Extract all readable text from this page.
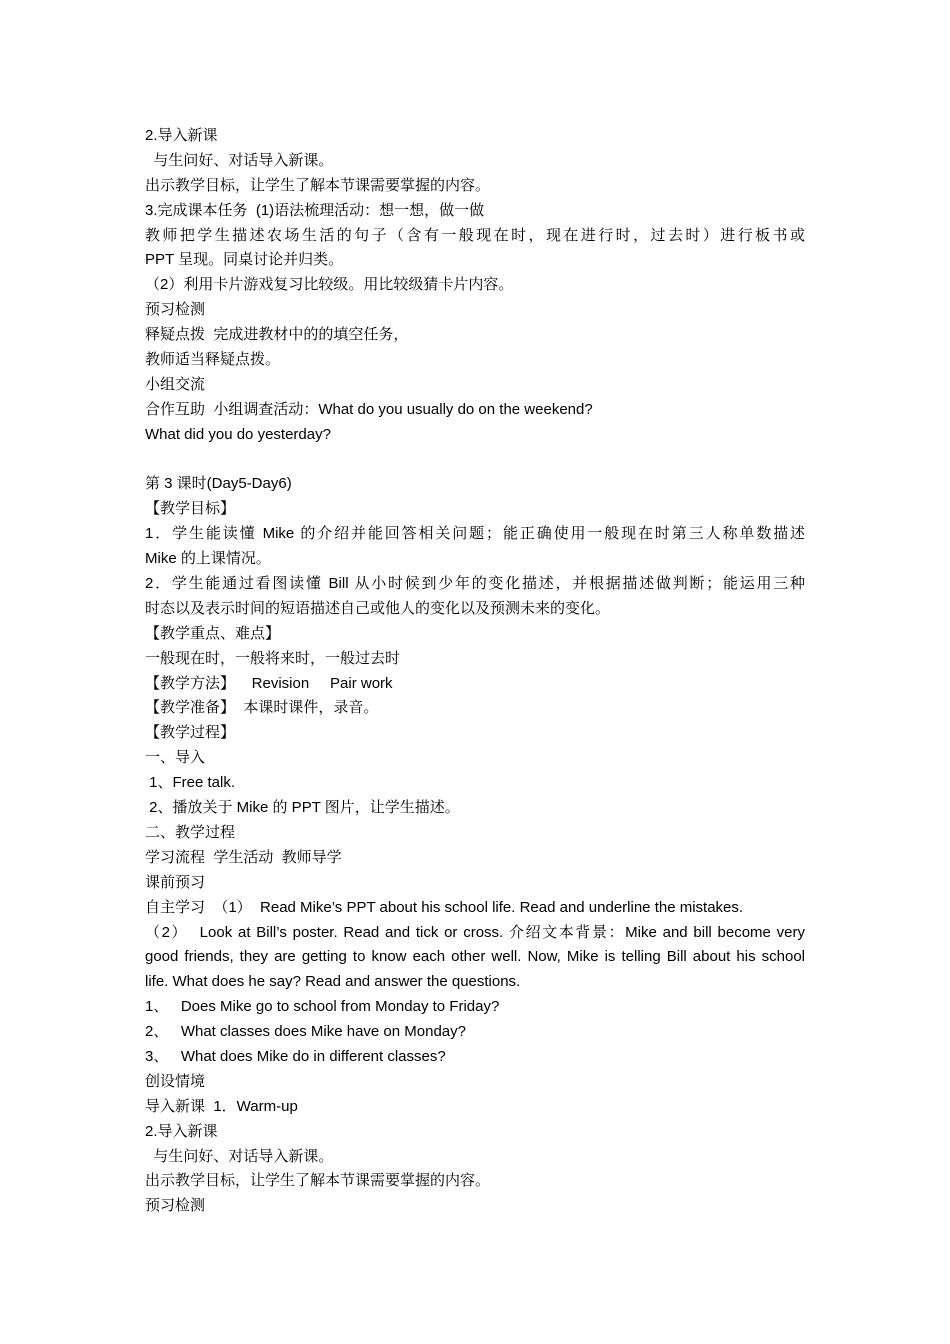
2.导入新课
与生问好、对话导入新课。
出示教学目标，让学生了解本节课需要掌握的内容。
3.完成课本任务  (1)语法梳理活动：想一想，做一做
教师把学生描述农场生活的句子（含有一般现在时，现在进行时，过去时）进行板书或
PPT 呈现。同桌讨论并归类。
（2）利用卡片游戏复习比较级。用比较级猜卡片内容。
预习检测
释疑点拨  完成进教材中的的填空任务，
教师适当释疑点拨。
小组交流
合作互助  小组调查活动：What do you usually do on the weekend?
What did you do yesterday?
第 3 课时(Day5-Day6)
【教学目标】
1．学生能读懂 Mike 的介绍并能回答相关问题；能正确使用一般现在时第三人称单数描述
Mike 的上课情况。
2．学生能通过看图读懂 Bill 从小时候到少年的变化描述，并根据描述做判断；能运用三种
时态以及表示时间的短语描述自己或他人的变化以及预测未来的变化。
【教学重点、难点】
一般现在时，一般将来时，一般过去时
【教学方法】    Revision     Pair work
【教学准备】  本课时课件，录音。
【教学过程】
一、导入
1、Free talk.
2、播放关于 Mike 的 PPT 图片，让学生描述。
二、教学过程
学习流程  学生活动  教师导学
课前预习
自主学习  （1）  Read Mike’s PPT about his school life. Read and underline the mistakes.
（2）  Look at Bill’s poster. Read and tick or cross. 介绍文本背景：Mike and bill become very
good friends, they are getting to know each other well. Now, Mike is telling Bill about his school
life. What does he say? Read and answer the questions.
1、   Does Mike go to school from Monday to Friday?
2、   What classes does Mike have on Monday?
3、   What does Mike do in different classes?
创设情境
导入新课  1．Warm-up
2.导入新课
与生问好、对话导入新课。
出示教学目标，让学生了解本节课需要掌握的内容。
预习检测
